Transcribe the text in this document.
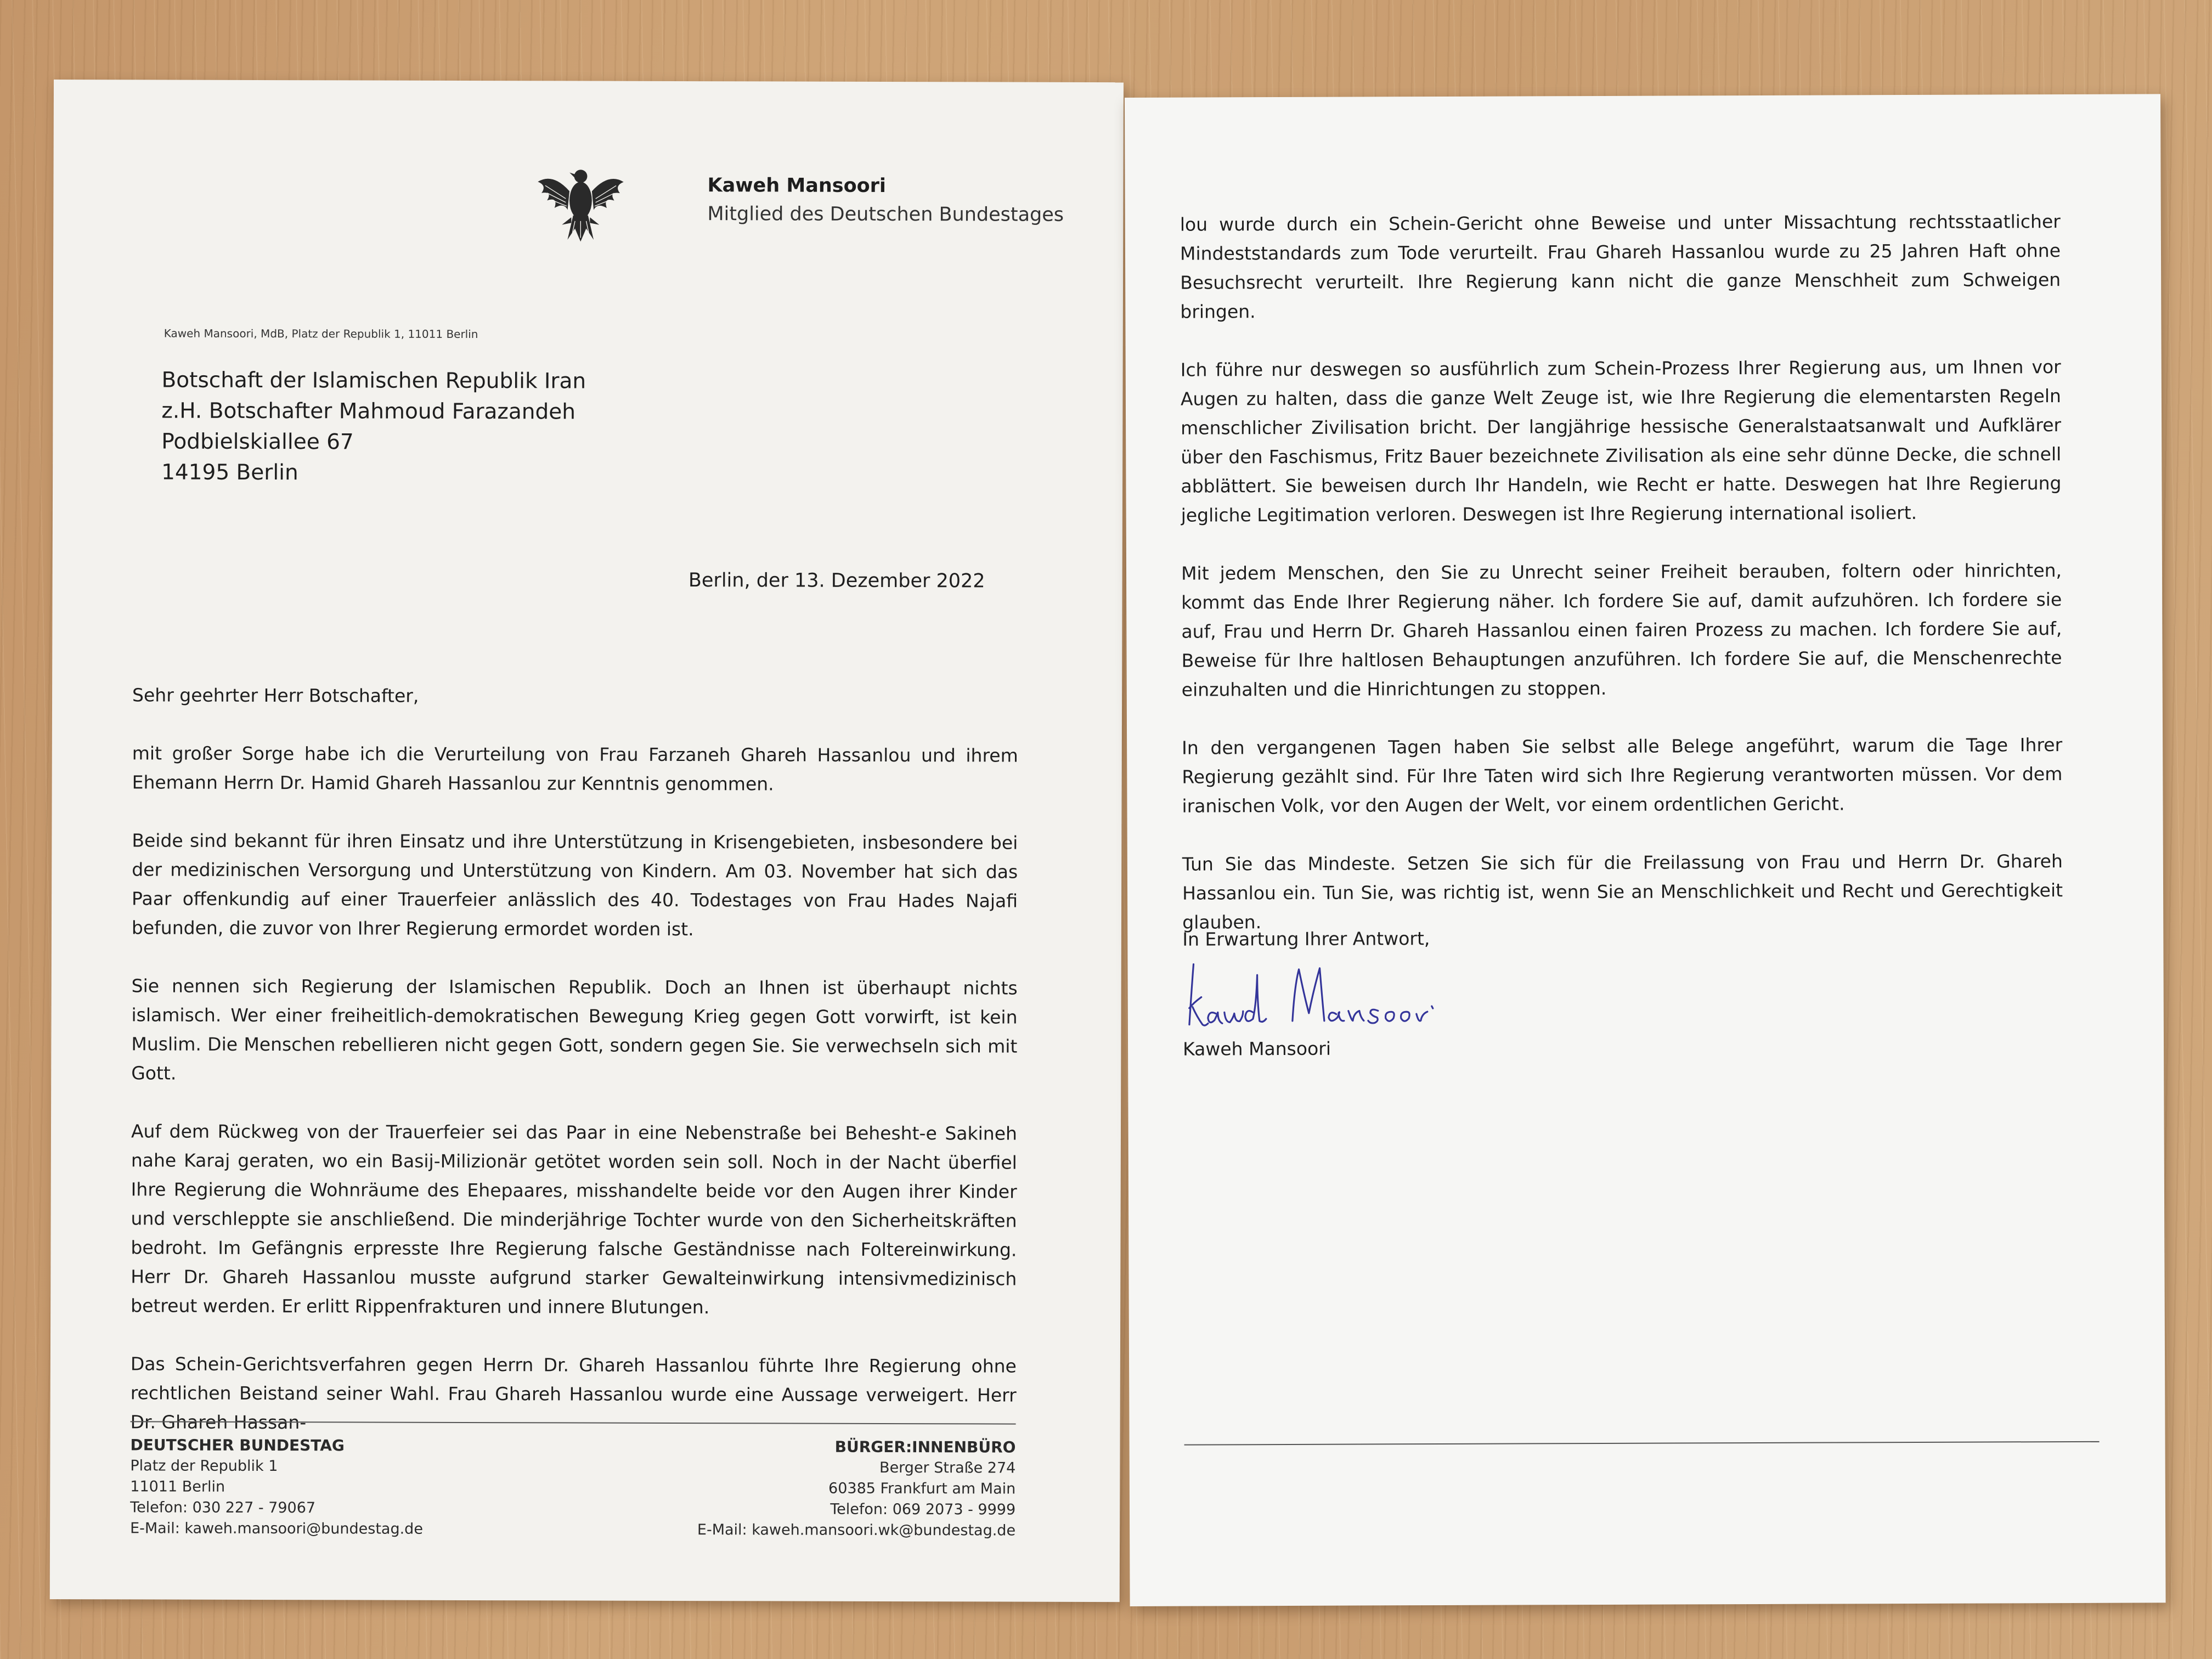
Kaweh Mansoori
Mitglied des Deutschen Bundestages
Kaweh Mansoori, MdB, Platz der Republik 1, 11011 Berlin
Botschaft der Islamischen Republik Iran
z.H. Botschafter Mahmoud Farazandeh
Podbielskiallee 67
14195 Berlin
Berlin, der 13. Dezember 2022
Sehr geehrter Herr Botschafter,

mit großer Sorge habe ich die Verurteilung von Frau Farzaneh Ghareh Hassanlou und ihrem Ehemann Herrn Dr. Hamid Ghareh Hassanlou zur Kenntnis genommen.

Beide sind bekannt für ihren Einsatz und ihre Unterstützung in Krisengebieten, insbesondere bei der medizinischen Versorgung und Unterstützung von Kindern. Am 03. November hat sich das Paar offenkundig auf einer Trauerfeier anlässlich des 40. Todestages von Frau Hades Najafi befunden, die zuvor von Ihrer Regierung ermordet worden ist.

Sie nennen sich Regierung der Islamischen Republik. Doch an Ihnen ist überhaupt nichts islamisch. Wer einer freiheitlich-demokratischen Bewegung Krieg gegen Gott vorwirft, ist kein Muslim. Die Menschen rebellieren nicht gegen Gott, sondern gegen Sie. Sie verwechseln sich mit Gott.

Auf dem Rückweg von der Trauerfeier sei das Paar in eine Nebenstraße bei Behesht-e Sakineh nahe Karaj geraten, wo ein Basij-Milizionär getötet worden sein soll. Noch in der Nacht überfiel Ihre Regierung die Wohnräume des Ehepaares, misshandelte beide vor den Augen ihrer Kinder und verschleppte sie anschließend. Die minderjährige Tochter wurde von den Sicherheitskräften bedroht. Im Gefängnis erpresste Ihre Regierung falsche Geständnisse nach Foltereinwirkung. Herr Dr. Ghareh Hassanlou musste aufgrund starker Gewalteinwirkung intensivmedizinisch betreut werden. Er erlitt Rippenfrakturen und innere Blutungen.

Das Schein-Gerichtsverfahren gegen Herrn Dr. Ghareh Hassanlou führte Ihre Regierung ohne rechtlichen Beistand seiner Wahl. Frau Ghareh Hassanlou wurde eine Aussage verweigert. Herr Dr. Ghareh Hassan-

DEUTSCHER BUNDESTAG
Platz der Republik 1
11011 Berlin
Telefon: 030 227 - 79067
E-Mail: kaweh.mansoori@bundestag.de
BÜRGER:INNENBÜRO
Berger Straße 274
60385 Frankfurt am Main
Telefon: 069 2073 - 9999
E-Mail: kaweh.mansoori.wk@bundestag.de

lou wurde durch ein Schein-Gericht ohne Beweise und unter Missachtung rechtsstaatlicher Mindeststandards zum Tode verurteilt. Frau Ghareh Hassanlou wurde zu 25 Jahren Haft ohne Besuchsrecht verurteilt. Ihre Regierung kann nicht die ganze Menschheit zum Schweigen bringen.

Ich führe nur deswegen so ausführlich zum Schein-Prozess Ihrer Regierung aus, um Ihnen vor Augen zu halten, dass die ganze Welt Zeuge ist, wie Ihre Regierung die elementarsten Regeln menschlicher Zivilisation bricht. Der langjährige hessische Generalstaatsanwalt und Aufklärer über den Faschismus, Fritz Bauer bezeichnete Zivilisation als eine sehr dünne Decke, die schnell abblättert. Sie beweisen durch Ihr Handeln, wie Recht er hatte. Deswegen hat Ihre Regierung jegliche Legitimation verloren. Deswegen ist Ihre Regierung international isoliert.

Mit jedem Menschen, den Sie zu Unrecht seiner Freiheit berauben, foltern oder hinrichten, kommt das Ende Ihrer Regierung näher. Ich fordere Sie auf, damit aufzuhören. Ich fordere sie auf, Frau und Herrn Dr. Ghareh Hassanlou einen fairen Prozess zu machen. Ich fordere Sie auf, Beweise für Ihre haltlosen Behauptungen anzuführen. Ich fordere Sie auf, die Menschenrechte einzuhalten und die Hinrichtungen zu stoppen.

In den vergangenen Tagen haben Sie selbst alle Belege angeführt, warum die Tage Ihrer Regierung gezählt sind. Für Ihre Taten wird sich Ihre Regierung verantworten müssen. Vor dem iranischen Volk, vor den Augen der Welt, vor einem ordentlichen Gericht.

Tun Sie das Mindeste. Setzen Sie sich für die Freilassung von Frau und Herrn Dr. Ghareh Hassanlou ein. Tun Sie, was richtig ist, wenn Sie an Menschlichkeit und Recht und Gerechtigkeit glauben.

In Erwartung Ihrer Antwort,
Kaweh Mansoori
